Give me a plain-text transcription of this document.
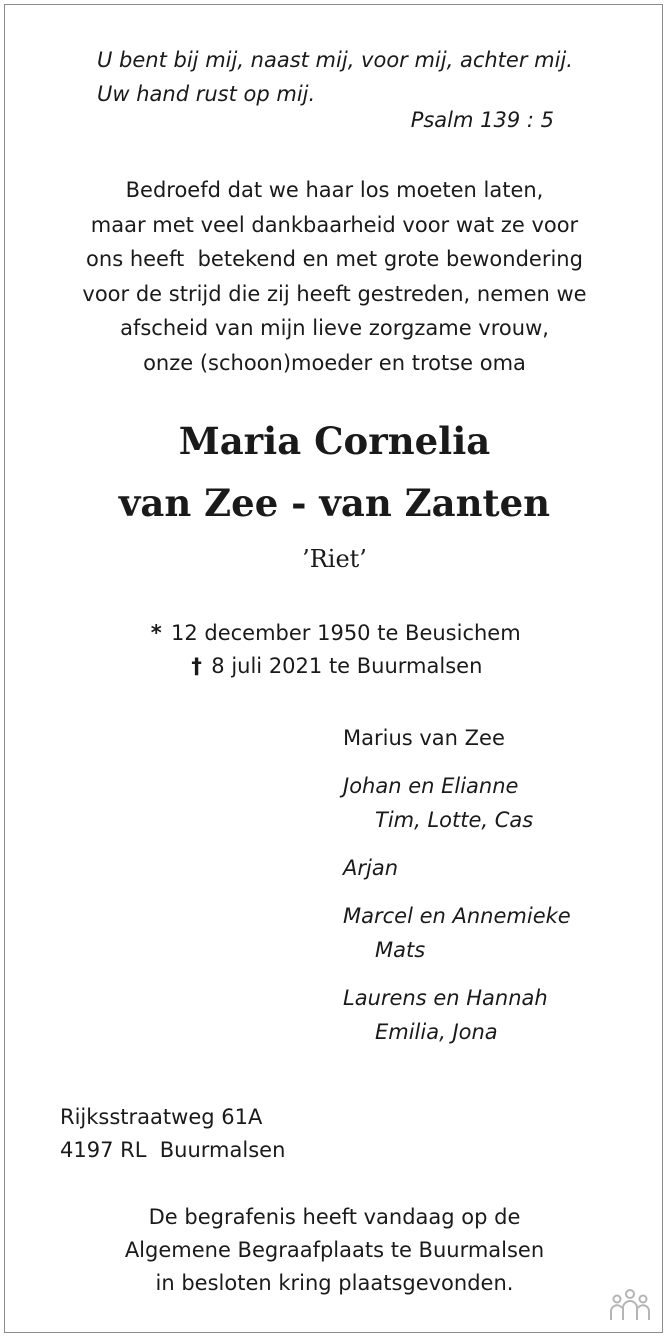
U bent bij mij, naast mij, voor mij, achter mij.
Uw hand rust op mij.
Psalm 139 : 5
Bedroefd dat we haar los moeten laten,
maar met veel dankbaarheid voor wat ze voor
ons heeft  betekend en met grote bewondering
voor de strijd die zij heeft gestreden, nemen we
afscheid van mijn lieve zorgzame vrouw,
onze (schoon)moeder en trotse oma
Maria Cornelia
van Zee - van Zanten
’Riet’
* 12 december 1950 te Beusichem
† 8 juli 2021 te Buurmalsen
Marius van Zee
Johan en Elianne
Tim, Lotte, Cas
Arjan
Marcel en Annemieke
Mats
Laurens en Hannah
Emilia, Jona
Rijksstraatweg 61A
4197 RL  Buurmalsen
De begrafenis heeft vandaag op de
Algemene Begraafplaats te Buurmalsen
in besloten kring plaatsgevonden.
